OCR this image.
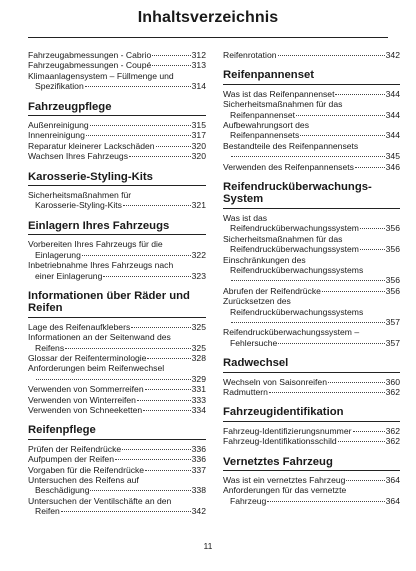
Inhaltsverzeichnis
Fahrzeugabmessungen - Cabrio	312
Fahrzeugabmessungen - Coupé	313
Klimaanlagensystem – Füllmenge und
Spezifikation	314
Fahrzeugpflege
Außenreinigung	315
Innenreinigung	317
Reparatur kleinerer Lackschäden	320
Wachsen Ihres Fahrzeugs	320
Karosserie-Styling-Kits
Sicherheitsmaßnahmen für
Karosserie-Styling-Kits	321
Einlagern Ihres Fahrzeugs
Vorbereiten Ihres Fahrzeugs für die
Einlagerung	322
Inbetriebnahme Ihres Fahrzeugs nach
einer Einlagerung	323
Informationen über Räder und Reifen
Lage des Reifenaufklebers	325
Informationen an der Seitenwand des
Reifens	325
Glossar der Reifenterminologie	328
Anforderungen beim Reifenwechsel
329
Verwenden von Sommerreifen	331
Verwenden von Winterreifen	333
Verwenden von Schneeketten	334
Reifenpflege
Prüfen der Reifendrücke	336
Aufpumpen der Reifen	336
Vorgaben für die Reifendrücke	337
Untersuchen des Reifens auf
Beschädigung	338
Untersuchen der Ventilschäfte an den
Reifen	342
Reifenrotation	342
Reifenpannenset
Was ist das Reifenpannenset	344
Sicherheitsmaßnahmen für das
Reifenpannenset	344
Aufbewahrungsort des
Reifenpannensets	344
Bestandteile des Reifenpannensets
345
Verwenden des Reifenpannensets	346
Reifendrucküberwachungs-System
Was ist das
Reifendrucküberwachungssystem	356
Sicherheitsmaßnahmen für das
Reifendrucküberwachungssystem	356
Einschränkungen des
Reifendrucküberwachungssystems
356
Abrufen der Reifendrücke	356
Zurücksetzen des
Reifendrucküberwachungssystems
357
Reifendrucküberwachungssystem –
Fehlersuche	357
Radwechsel
Wechseln von Saisonreifen	360
Radmuttern	362
Fahrzeugidentifikation
Fahrzeug-Identifizierungsnummer	362
Fahrzeug-Identifikationsschild	362
Vernetztes Fahrzeug
Was ist ein vernetztes Fahrzeug	364
Anforderungen für das vernetzte
Fahrzeug	364
11
